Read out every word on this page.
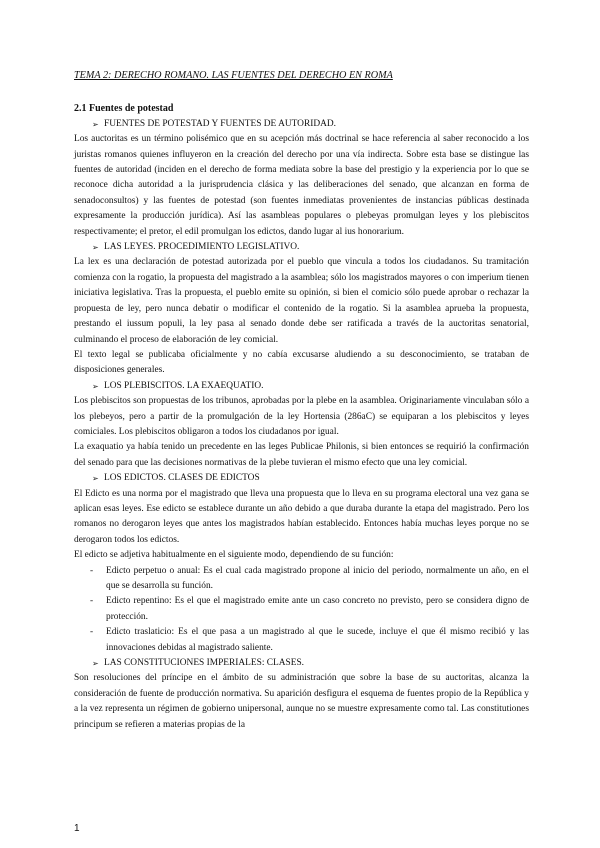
TEMA 2: DERECHO ROMANO. LAS FUENTES DEL DERECHO EN ROMA

2.1 Fuentes de potestad

➢ FUENTES DE POTESTAD Y FUENTES DE AUTORIDAD.

Los auctoritas es un término polisémico que en su acepción más doctrinal se hace referencia al saber reconocido a los juristas romanos quienes influyeron en la creación del derecho por una vía indirecta. Sobre esta base se distingue las fuentes de autoridad (inciden en el derecho de forma mediata sobre la base del prestigio y la experiencia por lo que se reconoce dicha autoridad a la jurisprudencia clásica y las deliberaciones del senado, que alcanzan en forma de senadoconsultos) y las fuentes de potestad (son fuentes inmediatas provenientes de instancias públicas destinada expresamente la producción jurídica). Así las asambleas populares o plebeyas promulgan leyes y los plebiscitos respectivamente; el pretor, el edil promulgan los edictos, dando lugar al ius honorarium.

➢ LAS LEYES. PROCEDIMIENTO LEGISLATIVO.

La lex es una declaración de potestad autorizada por el pueblo que vincula a todos los ciudadanos. Su tramitación comienza con la rogatio, la propuesta del magistrado a la asamblea; sólo los magistrados mayores o con imperium tienen iniciativa legislativa. Tras la propuesta, el pueblo emite su opinión, si bien el comicio sólo puede aprobar o rechazar la propuesta de ley, pero nunca debatir o modificar el contenido de la rogatio. Si la asamblea aprueba la propuesta, prestando el iussum populi, la ley pasa al senado donde debe ser ratificada a través de la auctoritas senatorial, culminando el proceso de elaboración de ley comicial.

El texto legal se publicaba oficialmente y no cabía excusarse aludiendo a su desconocimiento, se trataban de disposiciones generales.

➢ LOS PLEBISCITOS. LA EXAEQUATIO.

Los plebiscitos son propuestas de los tribunos, aprobadas por la plebe en la asamblea. Originariamente vinculaban sólo a los plebeyos, pero a partir de la promulgación de la ley Hortensia (286aC) se equiparan a los plebiscitos y leyes comiciales. Los plebiscitos obligaron a todos los ciudadanos por igual.

La exaquatio ya había tenido un precedente en las leges Publicae Philonis, si bien entonces se requirió la confirmación del senado para que las decisiones normativas de la plebe tuvieran el mismo efecto que una ley comicial.

➢ LOS EDICTOS. CLASES DE EDICTOS

El Edicto es una norma por el magistrado que lleva una propuesta que lo lleva en su programa electoral una vez gana se aplican esas leyes. Ese edicto se establece durante un año debido a que duraba durante la etapa del magistrado. Pero los romanos no derogaron leyes que antes los magistrados habían establecido. Entonces había muchas leyes porque no se derogaron todos los edictos.

El edicto se adjetiva habitualmente en el siguiente modo, dependiendo de su función:

- Edicto perpetuo o anual: Es el cual cada magistrado propone al inicio del periodo, normalmente un año, en el que se desarrolla su función.

- Edicto repentino: Es el que el magistrado emite ante un caso concreto no previsto, pero se considera digno de protección.

- Edicto traslaticio: Es el que pasa a un magistrado al que le sucede, incluye el que él mismo recibió y las innovaciones debidas al magistrado saliente.

➢ LAS CONSTITUCIONES IMPERIALES: CLASES.

Son resoluciones del príncipe en el ámbito de su administración que sobre la base de su auctoritas, alcanza la consideración de fuente de producción normativa. Su aparición desfigura el esquema de fuentes propio de la República y a la vez representa un régimen de gobierno unipersonal, aunque no se muestre expresamente como tal. Las constitutiones principum se refieren a materias propias de la

1
